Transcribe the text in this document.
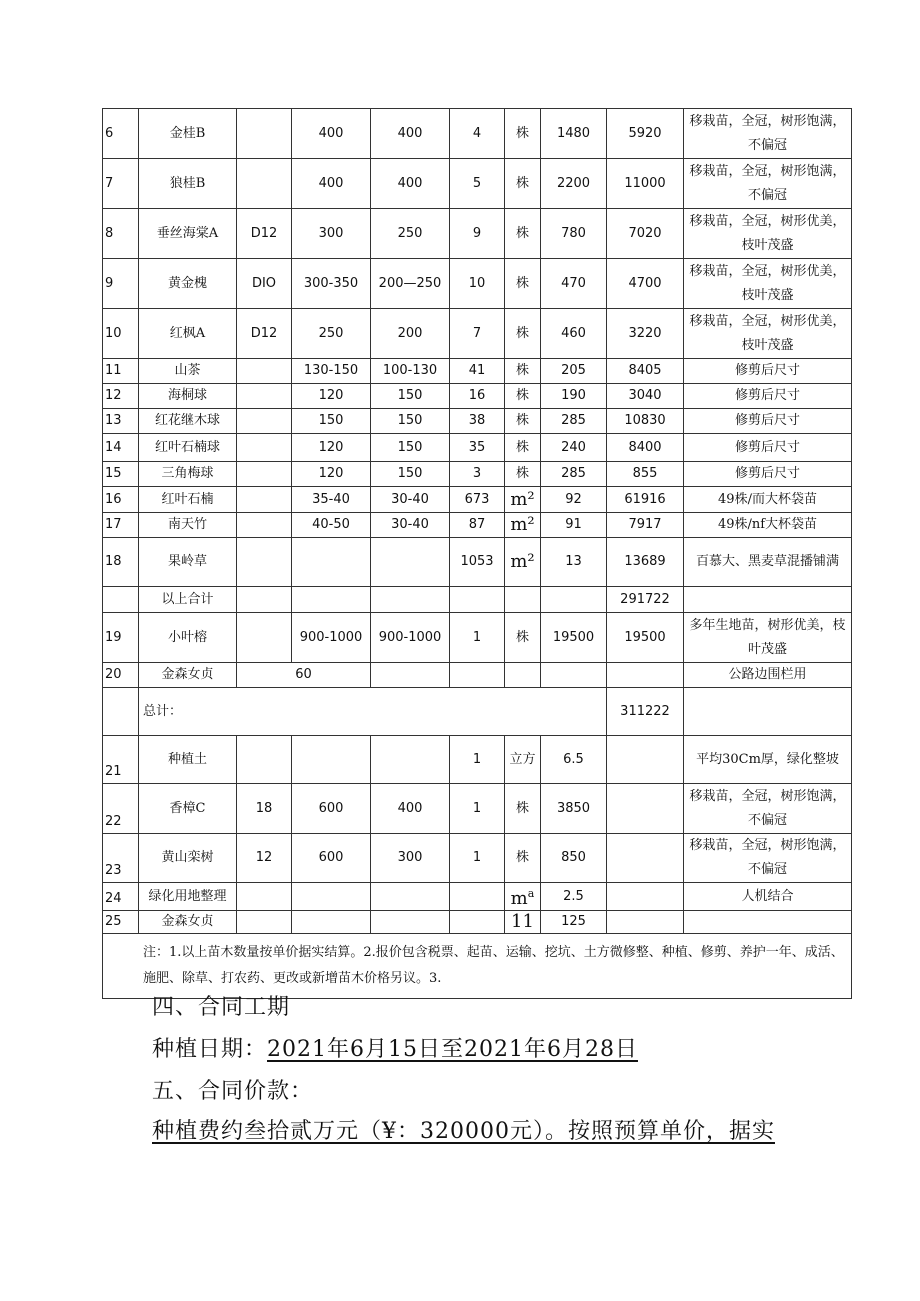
6	金桂B		400	400	4	株	1480	5920	移栽苗，全冠，树形饱满，不偏冠
7	狼桂B		400	400	5	株	2200	11000	移栽苗，全冠，树形饱满，不偏冠
8	垂丝海棠A	D12	300	250	9	株	780	7020	移栽苗，全冠，树形优美，枝叶茂盛
9	黄金槐	DIO	300-350	200—250	10	株	470	4700	移栽苗，全冠，树形优美，枝叶茂盛
10	红枫A	D12	250	200	7	株	460	3220	移栽苗，全冠，树形优美，枝叶茂盛
11	山茶		130-150	100-130	41	株	205	8405	修剪后尺寸
12	海桐球		120	150	16	株	190	3040	修剪后尺寸
13	红花继木球		150	150	38	株	285	10830	修剪后尺寸
14	红叶石楠球		120	150	35	株	240	8400	修剪后尺寸
15	三角梅球		120	150	3	株	285	855	修剪后尺寸
16	红叶石楠		35-40	30-40	673	m²	92	61916	49株/而大杯袋苗
17	南天竹		40-50	30-40	87	m²	91	7917	49株/nf大杯袋苗
18	果岭草				1053	m²	13	13689	百慕大、黑麦草混播铺满
	以上合计							291722	
19	小叶榕		900-1000	900-1000	1	株	19500	19500	多年生地苗，树形优美，枝叶茂盛
20	金森女贞	60							公路边围栏用
	总计：							311222	
21	种植土				1	立方	6.5		平均30Cm厚，绿化整坡
22	香樟C	18	600	400	1	株	3850		移栽苗，全冠，树形饱满，不偏冠
23	黄山栾树	12	600	300	1	株	850		移栽苗，全冠，树形饱满，不偏冠
24	绿化用地整理					$m^a$	2.5		人机结合
25	金森女贞					11	125		
注：1.以上苗木数量按单价据实结算。2.报价包含税票、起苗、运输、挖坑、土方微修整、种植、修剪、养护一年、成活、施肥、除草、打农药、更改或新增苗木价格另议。3.									
四、合同工期
种植日期：2021年6月15日至2021年6月28日
五、合同价款：
种植费约叁拾贰万元（¥：320000元）。按照预算单价，据实
